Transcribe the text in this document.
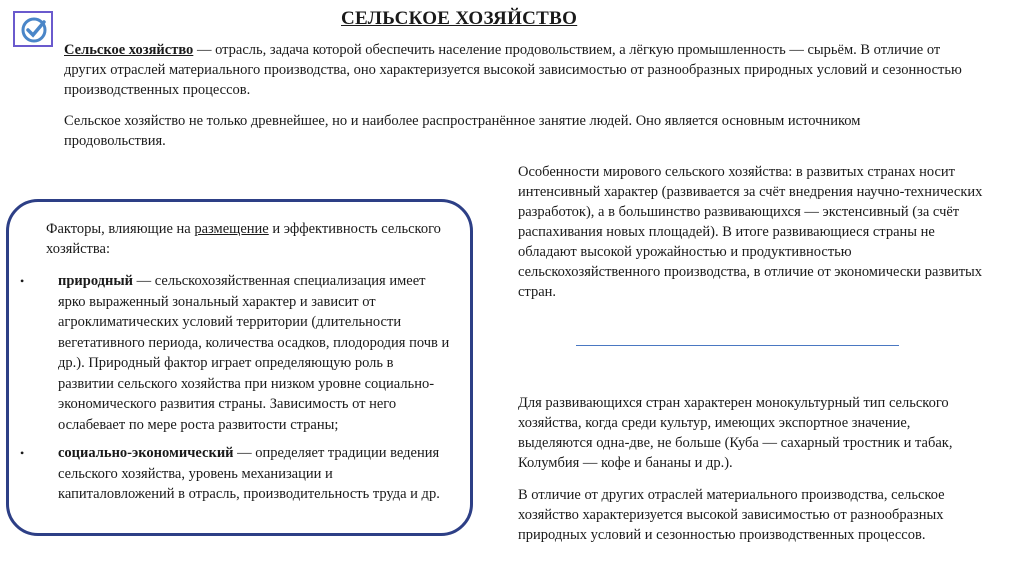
СЕЛЬСКОЕ ХОЗЯЙСТВО

Сельское хозяйство — отрасль, задача которой обеспечить население продовольствием, а лёгкую промышленность — сырьём. В отличие от других отраслей материального производства, оно характеризуется высокой зависимостью от разнообразных природных условий и сезонностью производственных процессов.

Сельское хозяйство не только древнейшее, но и наиболее распространённое занятие людей. Оно является основным источником продовольствия.

Факторы, влияющие на размещение и эффективность сельского хозяйства:

• природный — сельскохозяйственная специализация имеет ярко выраженный зональный характер и зависит от агроклиматических условий территории (длительности вегетативного периода, количества осадков, плодородия почв и др.). Природный фактор играет определяющую роль в развитии сельского хозяйства при низком уровне социально-экономического развития страны. Зависимость от него ослабевает по мере роста развитости страны;

• социально-экономический — определяет традиции ведения сельского хозяйства, уровень механизации и капиталовложений в отрасль, производительность труда и др.

Особенности мирового сельского хозяйства: в развитых странах носит интенсивный характер (развивается за счёт внедрения научно-технических разработок), а в большинство развивающихся — экстенсивный (за счёт распахивания новых площадей). В итоге развивающиеся страны не обладают высокой урожайностью и продуктивностью сельскохозяйственного производства, в отличие от экономически развитых стран.

Для развивающихся стран характерен монокультурный тип сельского хозяйства, когда среди культур, имеющих экспортное значение, выделяются одна-две, не больше (Куба — сахарный тростник и табак, Колумбия — кофе и бананы и др.).

В отличие от других отраслей материального производства, сельское хозяйство характеризуется высокой зависимостью от разнообразных природных условий и сезонностью производственных процессов.
